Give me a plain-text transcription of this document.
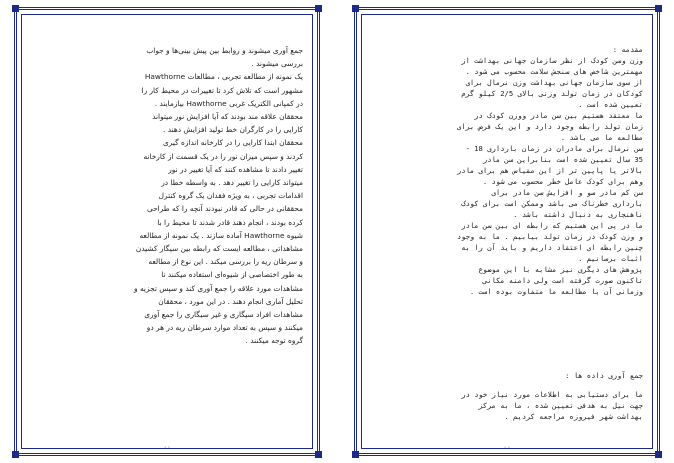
جمع آوری میشوند و روابط بین پیش بینی‌ها و جواب
بررسی میشوند .
یک نمونه از مطالعه تجربی ، مطالعات Hawthorne
مشهور است که تلاش کرد تا تغییرات در محیط کار را
در کمپانی الکتریک غربی Hawthorne بیازمایند .
محققان علاقه مند بودند که آیا افزایش نور میتواند
کارایی را در کارگران خط تولید افزایش دهند .
محققان ابتدا کارایی را در کارخانه اندازه گیری
کردند و سپس میزان نور را در یک قسمت از کارخانه
تغییر دادند تا مشاهده کنند که آیا تغییر در نور
میتواند کارایی را تغییر دهد . به واسطه خطا در
اقدامات تجربی ، به ویژه فقدان یک گروه کنترل
محققانی در حالی که قادر نبودند آنچه را که طراحی
کرده بودند ، انجام دهند قادر شدند تا محیط را با
شیوه Hawthorne آماده سازند . یک نمونه از مطالعه
مشاهداتی ، مطالعه ایست که رابطه بین سیگار کشیدن
و سرطان ریه را بررسی میکند . این نوع از مطالعه
به طور اختصاصی از شیوه‌ای استفاده میکنند تا
مشاهدات مورد علاقه را جمع آوری کند و سپس تجزیه و
تحلیل آماری انجام دهند . در این مورد ، محققان
مشاهدات افراد سیگاری و غیر سیگاری را جمع آوری
میکنند و سپس به تعداد موارد سرطان ریه در هر دو
گروه توجه میکنند .
٠٠
مقدمه :
وزن وسن کودک از نظر سازمان جهانی بهداشت از
مهمترین شاخص های سنجش سلامت محسوب می شود .
از سوی سازمان جهانی بهداشت وزن نرمال برای
کودکان در زمان تولد وزنی بالای 2/5 کیلو گرم
تعیین شده است .
ما معتقد هستیم بین سن مادر ووزن کودک در
زمان تولد رابطه وجود دارد و این یک فرض برای
مطالعه ما می باشد .
سن نرمال برای مادران در زمان بارداری 18 -
35 سال تعیین شده است بنابراین سن مادر
بالاتر یا پایین تر از این مقیاس هم برای مادر
وهم برای کودک عامل خطر محسوب می شود .
سن کم مادر سو و افزایش سن مادر برای
بارداری خطرناک می باشد وممکن است برای کودک
ناهنجاری به دنبال داشته باشد .
ما در پی این هستیم که رابطه ای بین سن مادر
و وزن کودک در زمان تولد بیابیم . ما به وجود
چنین رابطه ای اعتقاد داریم و باید آن را به
اثبات برسانیم .
پژوهش های دیگری نیز مشابه با این موضوع
تاکنون صورت گرفته است ولی دامنه مکانی
وزمانی آن با مطالعه ما متفاوت بوده است .
جمع آوری داده ها :
ما برای دستیابی به اطلاعات مورد نیاز خود در
جهت نیل به هدفی تعیین شده ، ما به مرکز
بهداشت شهر فیروزه مراجعه کردیم .
٠٠
